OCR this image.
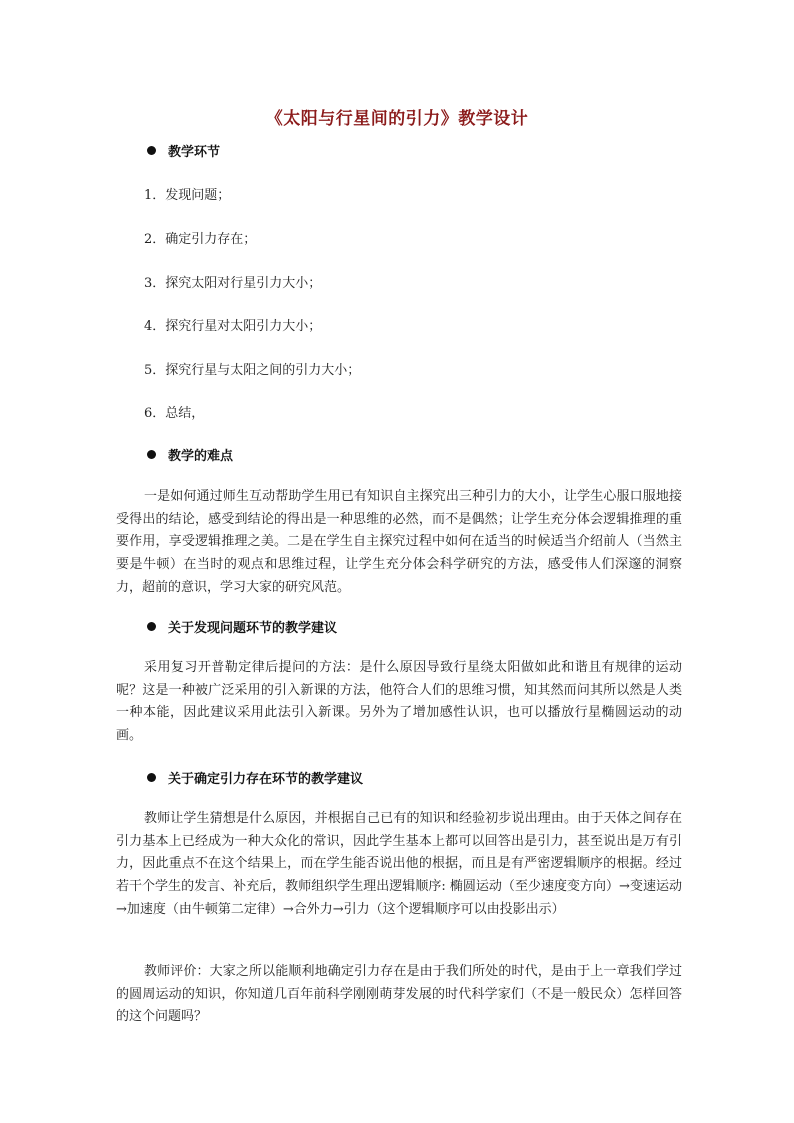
《太阳与行星间的引力》教学设计
教学环节
1．发现问题；
2．确定引力存在；
3．探究太阳对行星引力大小；
4．探究行星对太阳引力大小；
5．探究行星与太阳之间的引力大小；
6．总结，
教学的难点

一是如何通过师生互动帮助学生用已有知识自主探究出三种引力的大小，让学生心服口服地接受得出的结论，感受到结论的得出是一种思维的必然，而不是偶然；让学生充分体会逻辑推理的重要作用，享受逻辑推理之美。二是在学生自主探究过程中如何在适当的时候适当介绍前人（当然主要是牛顿）在当时的观点和思维过程，让学生充分体会科学研究的方法，感受伟人们深邃的洞察力，超前的意识，学习大家的研究风范。

关于发现问题环节的教学建议

采用复习开普勒定律后提问的方法：是什么原因导致行星绕太阳做如此和谐且有规律的运动呢？这是一种被广泛采用的引入新课的方法，他符合人们的思维习惯，知其然而问其所以然是人类一种本能，因此建议采用此法引入新课。另外为了增加感性认识，也可以播放行星椭圆运动的动画。

关于确定引力存在环节的教学建议

教师让学生猜想是什么原因，并根据自己已有的知识和经验初步说出理由。由于天体之间存在引力基本上已经成为一种大众化的常识，因此学生基本上都可以回答出是引力，甚至说出是万有引力，因此重点不在这个结果上，而在学生能否说出他的根据，而且是有严密逻辑顺序的根据。经过若干个学生的发言、补充后，教师组织学生理出逻辑顺序: 椭圆运动（至少速度变方向）→变速运动→加速度（由牛顿第二定律）→合外力→引力（这个逻辑顺序可以由投影出示）

教师评价：大家之所以能顺利地确定引力存在是由于我们所处的时代，是由于上一章我们学过的圆周运动的知识，你知道几百年前科学刚刚萌芽发展的时代科学家们（不是一般民众）怎样回答的这个问题吗？
